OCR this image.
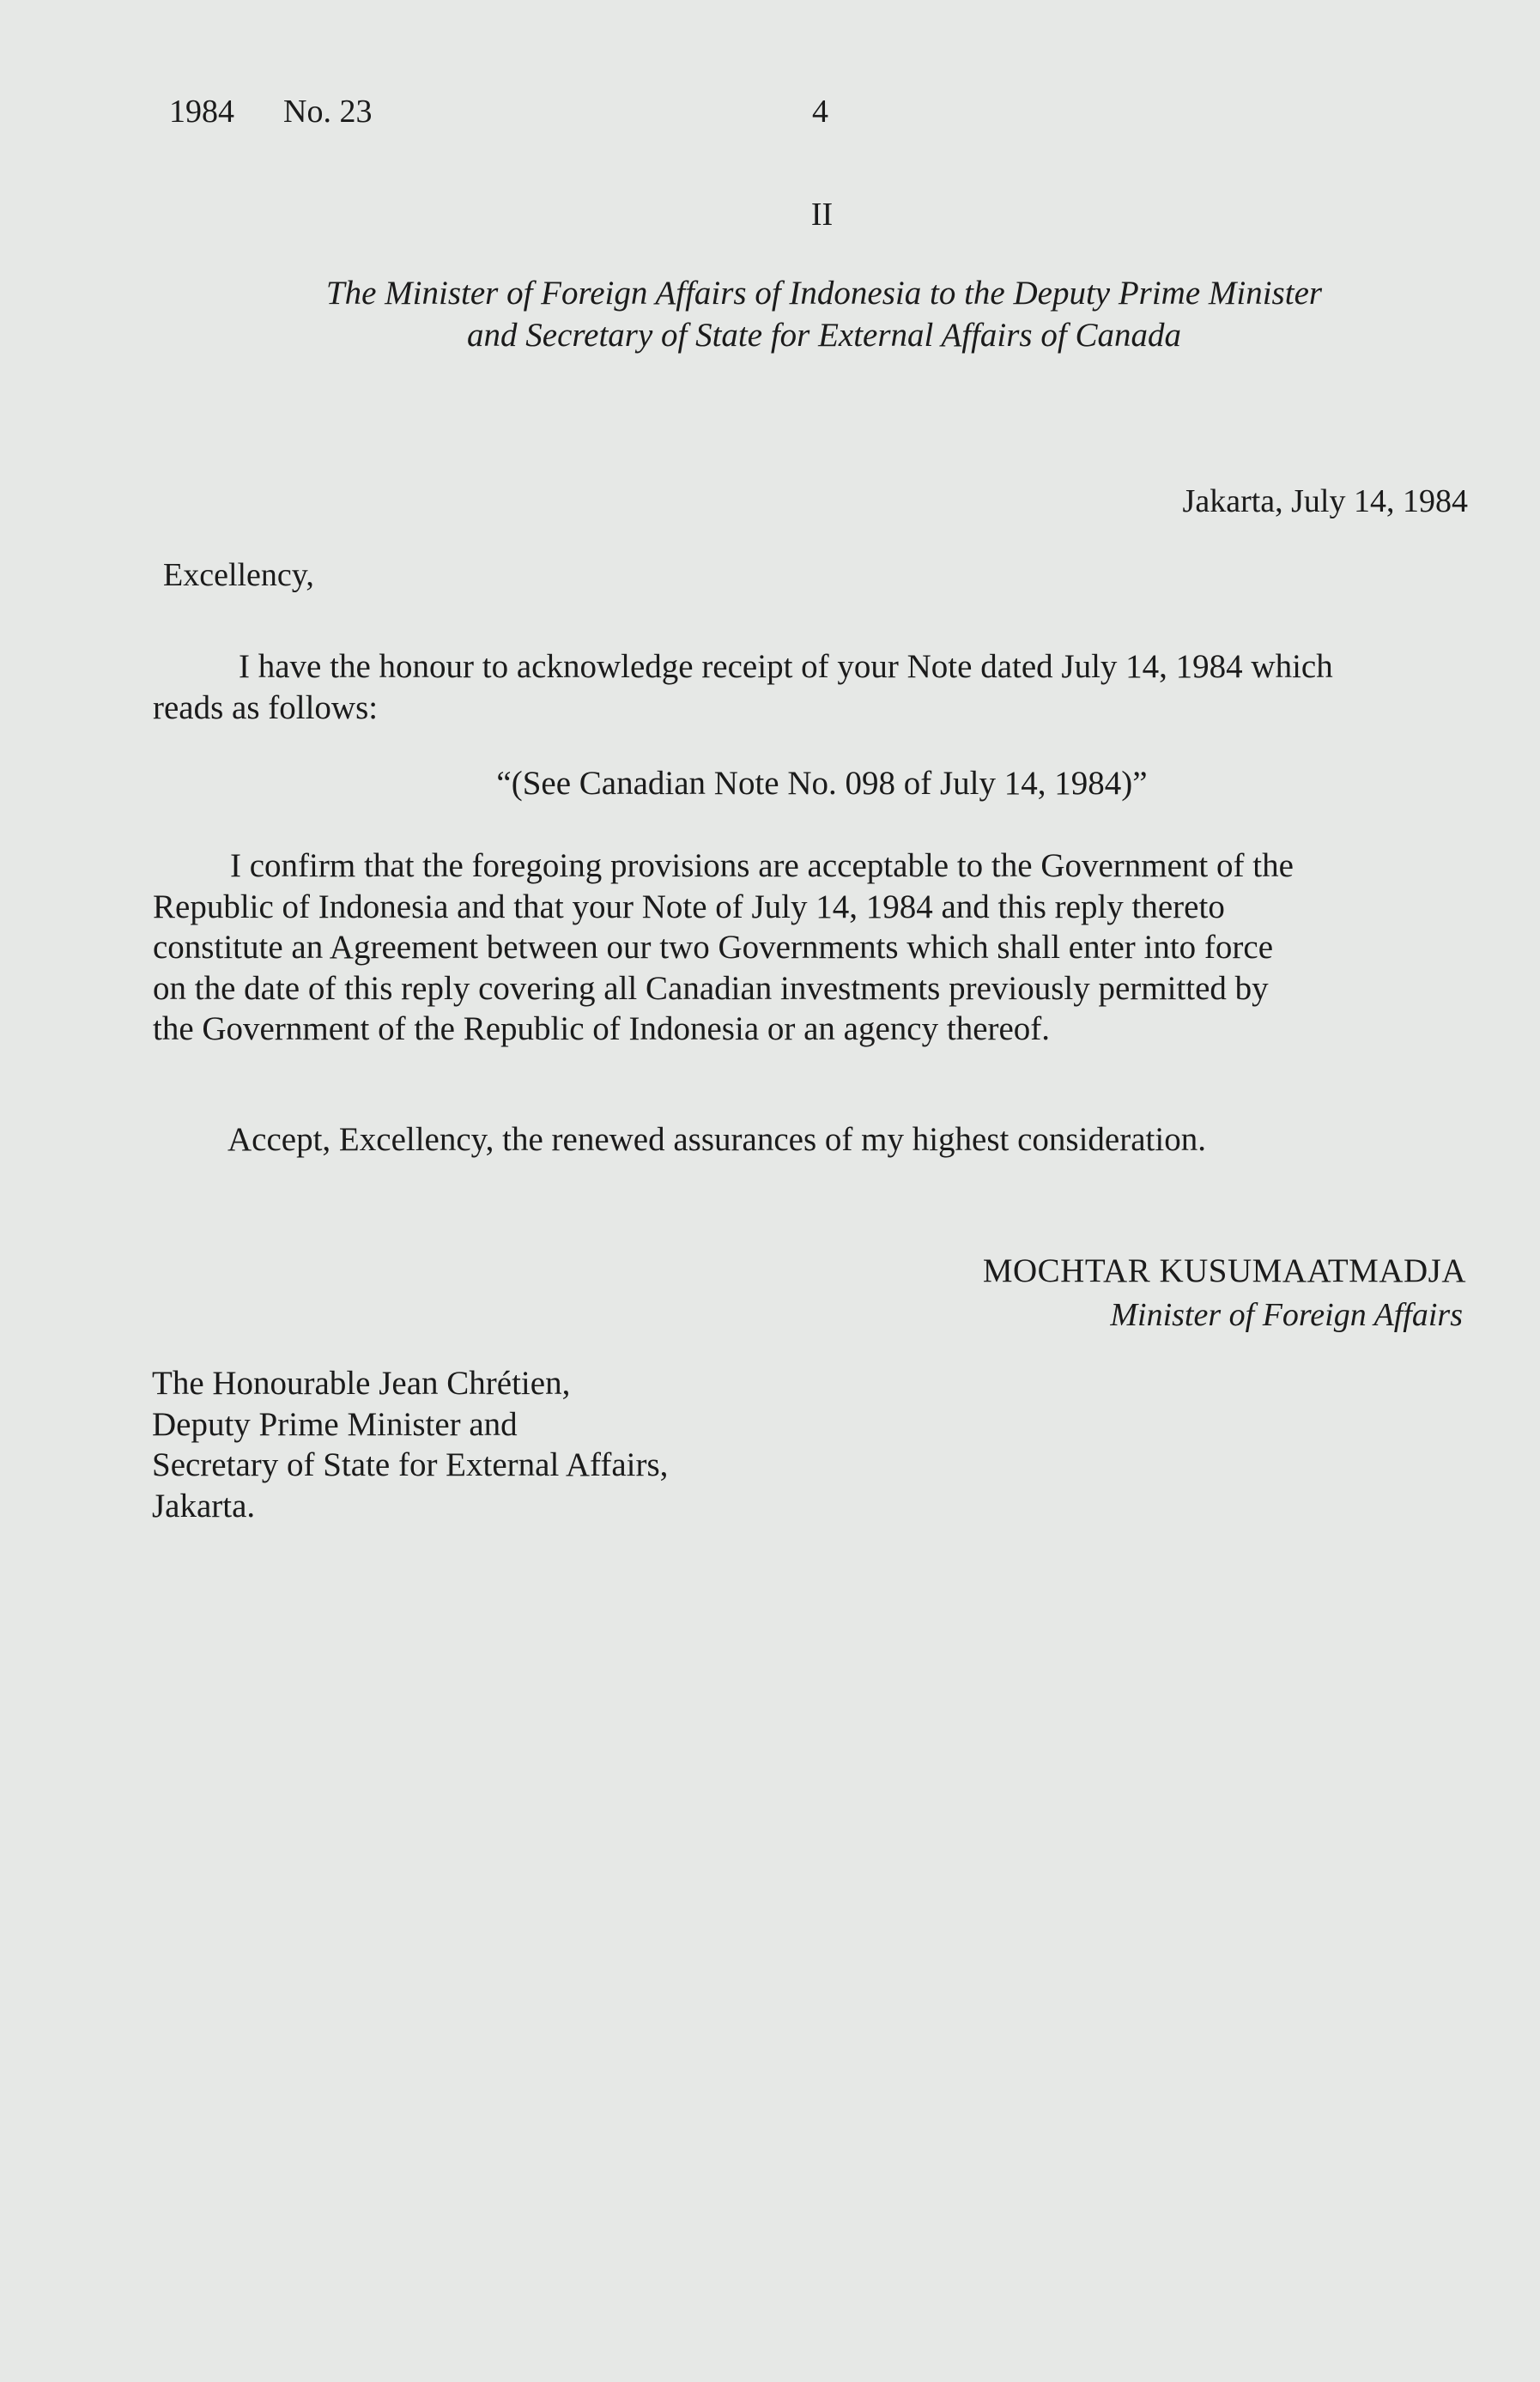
1984 No. 23	4
II
The Minister of Foreign Affairs of Indonesia to the Deputy Prime Minister
and Secretary of State for External Affairs of Canada
Jakarta, July 14, 1984
Excellency,
I have the honour to acknowledge receipt of your Note dated July 14, 1984 which
reads as follows:
“(See Canadian Note No. 098 of July 14, 1984)”
I confirm that the foregoing provisions are acceptable to the Government of the
Republic of Indonesia and that your Note of July 14, 1984 and this reply thereto
constitute an Agreement between our two Governments which shall enter into force
on the date of this reply covering all Canadian investments previously permitted by
the Government of the Republic of Indonesia or an agency thereof.
Accept, Excellency, the renewed assurances of my highest consideration.
MOCHTAR KUSUMAATMADJA
Minister of Foreign Affairs
The Honourable Jean Chrétien,
Deputy Prime Minister and
Secretary of State for External Affairs,
Jakarta.
